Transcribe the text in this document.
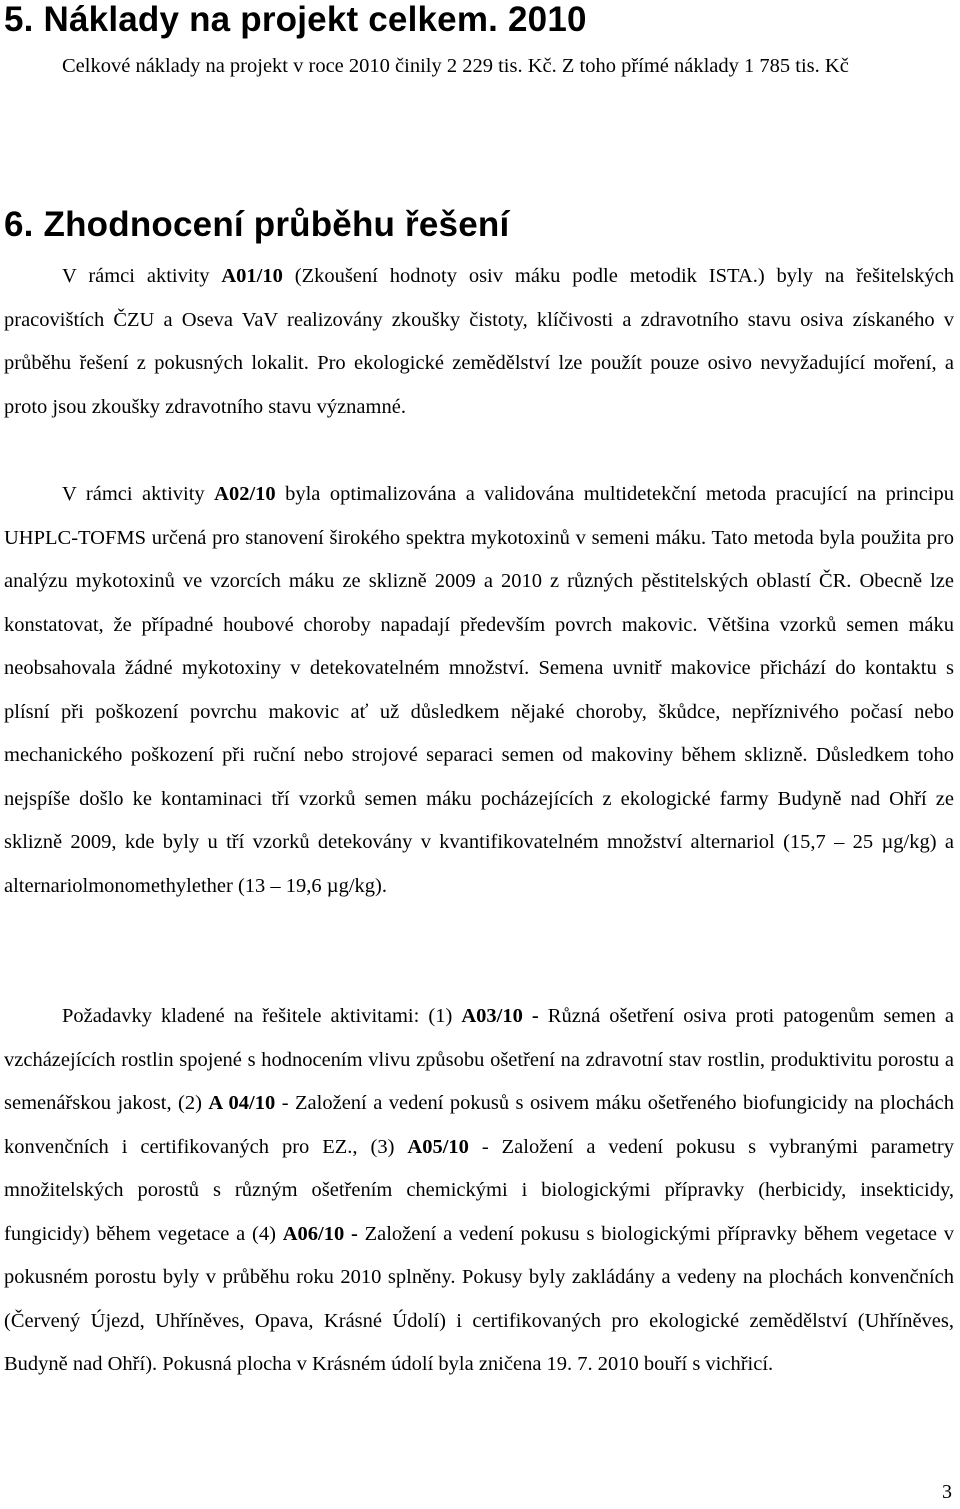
5. Náklady na projekt celkem. 2010

Celkové náklady na projekt v roce 2010 činily 2 229 tis. Kč. Z toho přímé náklady 1 785 tis. Kč

6. Zhodnocení průběhu řešení

V rámci aktivity A01/10 (Zkoušení hodnoty osiv máku podle metodik ISTA.) byly na řešitelských pracovištích ČZU a Oseva VaV realizovány zkoušky čistoty, klíčivosti a zdravotního stavu osiva získaného v průběhu řešení z pokusných lokalit. Pro ekologické zemědělství lze použít pouze osivo nevyžadující moření, a proto jsou zkoušky zdravotního stavu významné.

V rámci aktivity A02/10 byla optimalizována a validována multidetekční metoda pracující na principu UHPLC-TOFMS určená pro stanovení širokého spektra mykotoxinů v semeni máku. Tato metoda byla použita pro analýzu mykotoxinů ve vzorcích máku ze sklizně 2009 a 2010 z různých pěstitelských oblastí ČR. Obecně lze konstatovat, že případné houbové choroby napadají především povrch makovic. Většina vzorků semen máku neobsahovala žádné mykotoxiny v detekovatelném množství. Semena uvnitř makovice přichází do kontaktu s plísní při poškození povrchu makovic ať už důsledkem nějaké choroby, škůdce, nepříznivého počasí nebo mechanického poškození při ruční nebo strojové separaci semen od makoviny během sklizně. Důsledkem toho nejspíše došlo ke kontaminaci tří vzorků semen máku pocházejících z ekologické farmy Budyně nad Ohří ze sklizně 2009, kde byly u tří vzorků detekovány v kvantifikovatelném množství alternariol (15,7 – 25 µg/kg) a alternariolmonomethylether (13 – 19,6 µg/kg).

Požadavky kladené na řešitele aktivitami: (1) A03/10 - Různá ošetření osiva proti patogenům semen a vzcházejících rostlin spojené s hodnocením vlivu způsobu ošetření na zdravotní stav rostlin, produktivitu porostu a semenářskou jakost, (2) A 04/10 - Založení a vedení pokusů s osivem máku ošetřeného biofungicidy na plochách konvenčních i certifikovaných pro EZ., (3) A05/10 - Založení a vedení pokusu s vybranými parametry množitelských porostů s různým ošetřením chemickými i biologickými přípravky (herbicidy, insekticidy, fungicidy) během vegetace a (4) A06/10 - Založení a vedení pokusu s biologickými přípravky během vegetace v pokusném porostu byly v průběhu roku 2010 splněny. Pokusy byly zakládány a vedeny na plochách konvenčních (Červený Újezd, Uhříněves, Opava, Krásné Údolí) i certifikovaných pro ekologické zemědělství (Uhříněves, Budyně nad Ohří). Pokusná plocha v Krásném údolí byla zničena 19. 7. 2010 bouří s vichřicí.

3
